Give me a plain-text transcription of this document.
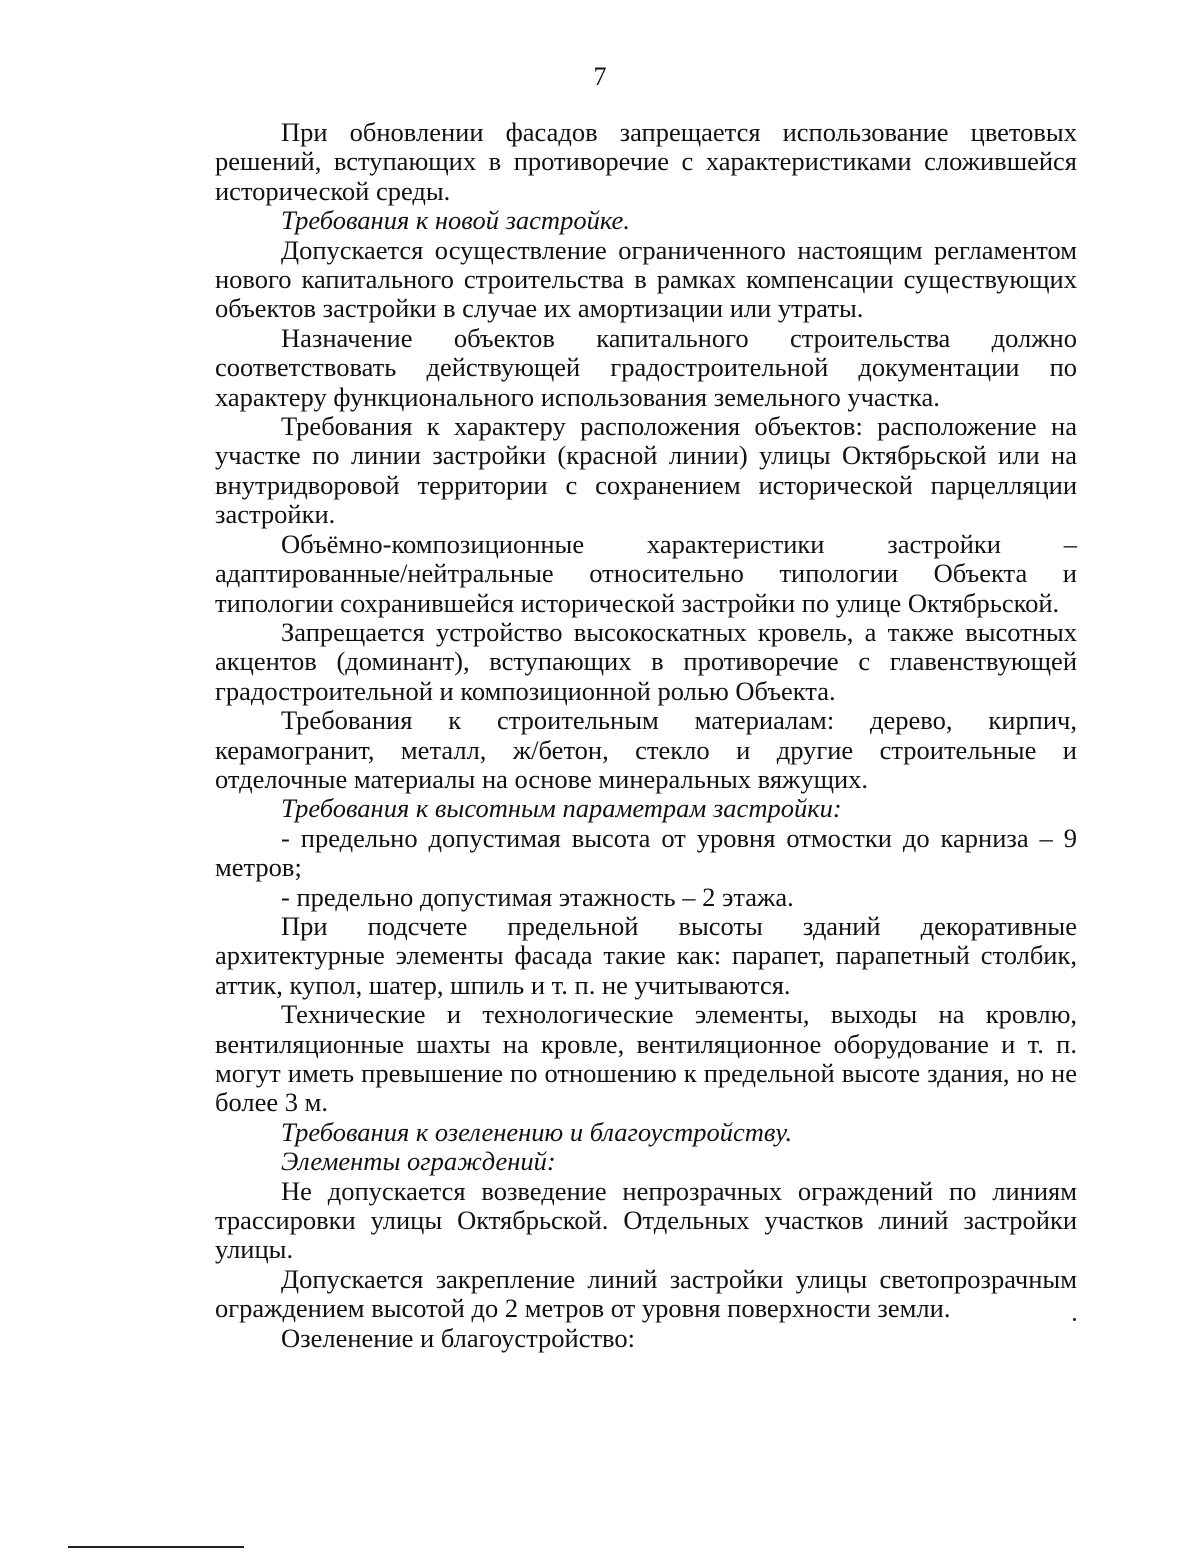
7

При обновлении фасадов запрещается использование цветовых решений, вступающих в противоречие с характеристиками сложившейся исторической среды.

Требования к новой застройке.

Допускается осуществление ограниченного настоящим регламентом нового капитального строительства в рамках компенсации существующих объектов застройки в случае их амортизации или утраты.

Назначение объектов капитального строительства должно соответствовать действующей градостроительной документации по характеру функционального использования земельного участка.

Требования к характеру расположения объектов: расположение на участке по линии застройки (красной линии) улицы Октябрьской или на внутридворовой территории с сохранением исторической парцелляции застройки.

Объёмно-композиционные характеристики застройки – адаптированные/нейтральные относительно типологии Объекта и типологии сохранившейся исторической застройки по улице Октябрьской.

Запрещается устройство высокоскатных кровель, а также высотных акцентов (доминант), вступающих в противоречие с главенствующей градостроительной и композиционной ролью Объекта.

Требования к строительным материалам: дерево, кирпич, керамогранит, металл, ж/бетон, стекло и другие строительные и отделочные материалы на основе минеральных вяжущих.

Требования к высотным параметрам застройки:

- предельно допустимая высота от уровня отмостки до карниза – 9 метров;

- предельно допустимая этажность – 2 этажа.

При подсчете предельной высоты зданий декоративные архитектурные элементы фасада такие как: парапет, парапетный столбик, аттик, купол, шатер, шпиль и т. п. не учитываются.

Технические и технологические элементы, выходы на кровлю, вентиляционные шахты на кровле, вентиляционное оборудование и т. п. могут иметь превышение по отношению к предельной высоте здания, но не более 3 м.

Требования к озеленению и благоустройству.

Элементы ограждений:

Не допускается возведение непрозрачных ограждений по линиям трассировки улицы Октябрьской. Отдельных участков линий застройки улицы.

Допускается закрепление линий застройки улицы светопрозрачным ограждением высотой до 2 метров от уровня поверхности земли.

Озеленение и благоустройство:
